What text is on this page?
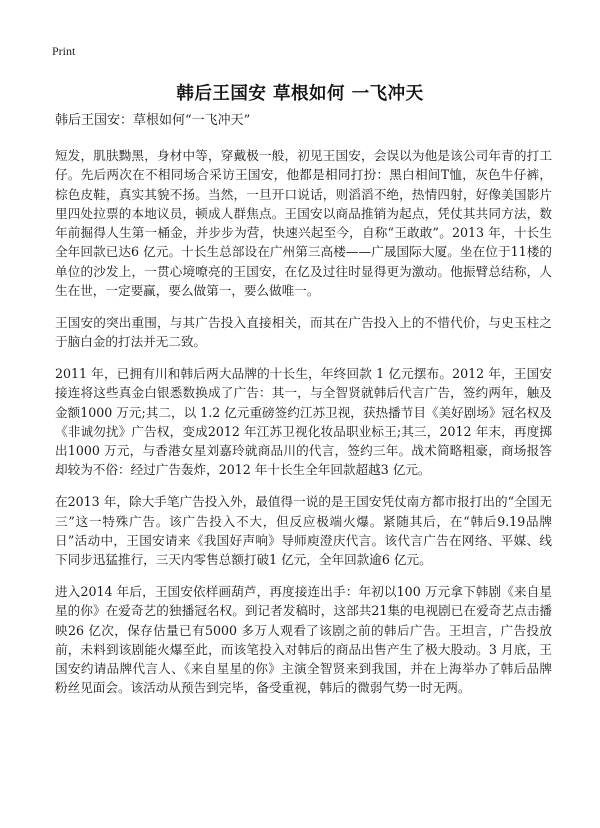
Print
韩后王国安 草根如何 一飞冲天

韩后王国安：草根如何“一飞冲天”

短发，肌肤黝黑，身材中等，穿戴极一般，初见王国安，会误以为他是该公司年青的打工仔。先后两次在不相同场合采访王国安，他都是相同打扮：黑白相间T恤，灰色牛仔裤，棕色皮鞋，真实其貌不扬。当然，一旦开口说话，则滔滔不绝，热情四射，好像美国影片里四处拉票的本地议员，顿成人群焦点。王国安以商品推销为起点，凭仗其共同方法，数年前掘得人生第一桶金，并步步为营，快速兴起至今，自称“王敢敢”。2013 年，十长生全年回款已达6 亿元。十长生总部设在广州第三高楼——广晟国际大厦。坐在位于11楼的单位的沙发上，一贯心境嘹亮的王国安，在亿及过往时显得更为激动。他振臂总结称，人生在世，一定要赢，要么做第一，要么做唯一。

王国安的突出重围，与其广告投入直接相关，而其在广告投入上的不惜代价，与史玉柱之于脑白金的打法并无二致。

2011 年，已拥有川和韩后两大品牌的十长生，年终回款 1 亿元摆布。2012 年，王国安接连将这些真金白银悉数换成了广告：其一，与全智贤就韩后代言广告，签约两年，触及金额1000 万元;其二，以 1.2 亿元重磅签约江苏卫视，获热播节目《美好剧场》冠名权及《非诚勿扰》广告权，变成2012 年江苏卫视化妆品职业标王;其三，2012 年末，再度掷出1000 万元，与香港女星刘嘉玲就商品川的代言，签约三年。战术简略粗豪，商场报答却较为不俗：经过广告轰炸，2012 年十长生全年回款超越3 亿元。

在2013 年，除大手笔广告投入外，最值得一说的是王国安凭仗南方都市报打出的“全国无三”这一特殊广告。该广告投入不大，但反应极端火爆。紧随其后，在“韩后9.19品牌日”活动中，王国安请来《我国好声响》导师庾澄庆代言。该代言广告在网络、平媒、线下同步迅猛推行，三天内零售总额打破1 亿元，全年回款逾6 亿元。

进入2014 年后，王国安依样画葫芦，再度接连出手：年初以100 万元拿下韩剧《来自星星的你》在爱奇艺的独播冠名权。到记者发稿时，这部共21集的电视剧已在爱奇艺点击播映26 亿次，保存估量已有5000 多万人观看了该剧之前的韩后广告。王坦言，广告投放前，未料到该剧能火爆至此，而该笔投入对韩后的商品出售产生了极大股动。3 月底，王国安约请品牌代言人、《来自星星的你》主演全智贤来到我国，并在上海举办了韩后品牌粉丝见面会。该活动从预告到完毕，备受重视，韩后的微弱气势一时无两。
